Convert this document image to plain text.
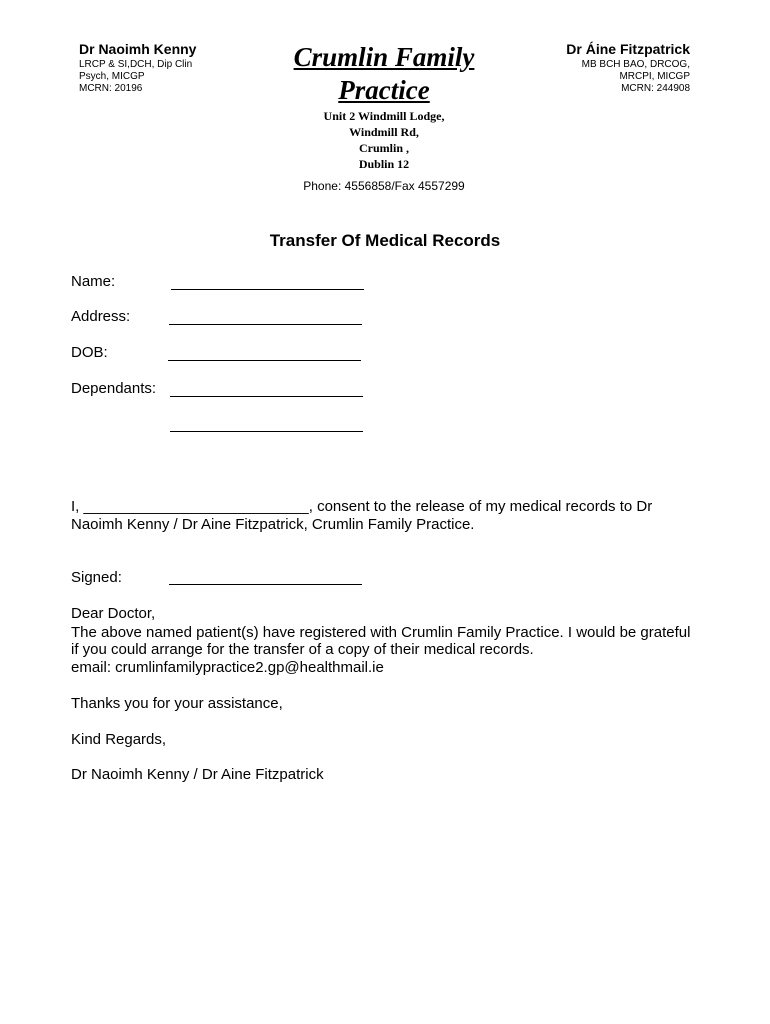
Dr Naoimh Kenny
LRCP & SI,DCH, Dip Clin
Psych, MICGP
MCRN: 20196
Crumlin Family
Practice
Unit 2 Windmill Lodge,
Windmill Rd,
Crumlin ,
Dublin 12
Phone: 4556858/Fax 4557299
Dr Áine Fitzpatrick
MB BCH BAO, DRCOG,
MRCPI, MICGP
MCRN: 244908
Transfer Of Medical Records
Name:
Address:
DOB:
Dependants:
I, ___________________________, consent to the release of my medical records to Dr
Naoimh Kenny / Dr Aine Fitzpatrick, Crumlin Family Practice.
Signed:
Dear Doctor,
The above named patient(s) have registered with Crumlin Family Practice. I would be grateful
if you could arrange for the transfer of a copy of their medical records.
email: crumlinfamilypractice2.gp@healthmail.ie
Thanks you for your assistance,
Kind Regards,
Dr Naoimh Kenny / Dr Aine Fitzpatrick
